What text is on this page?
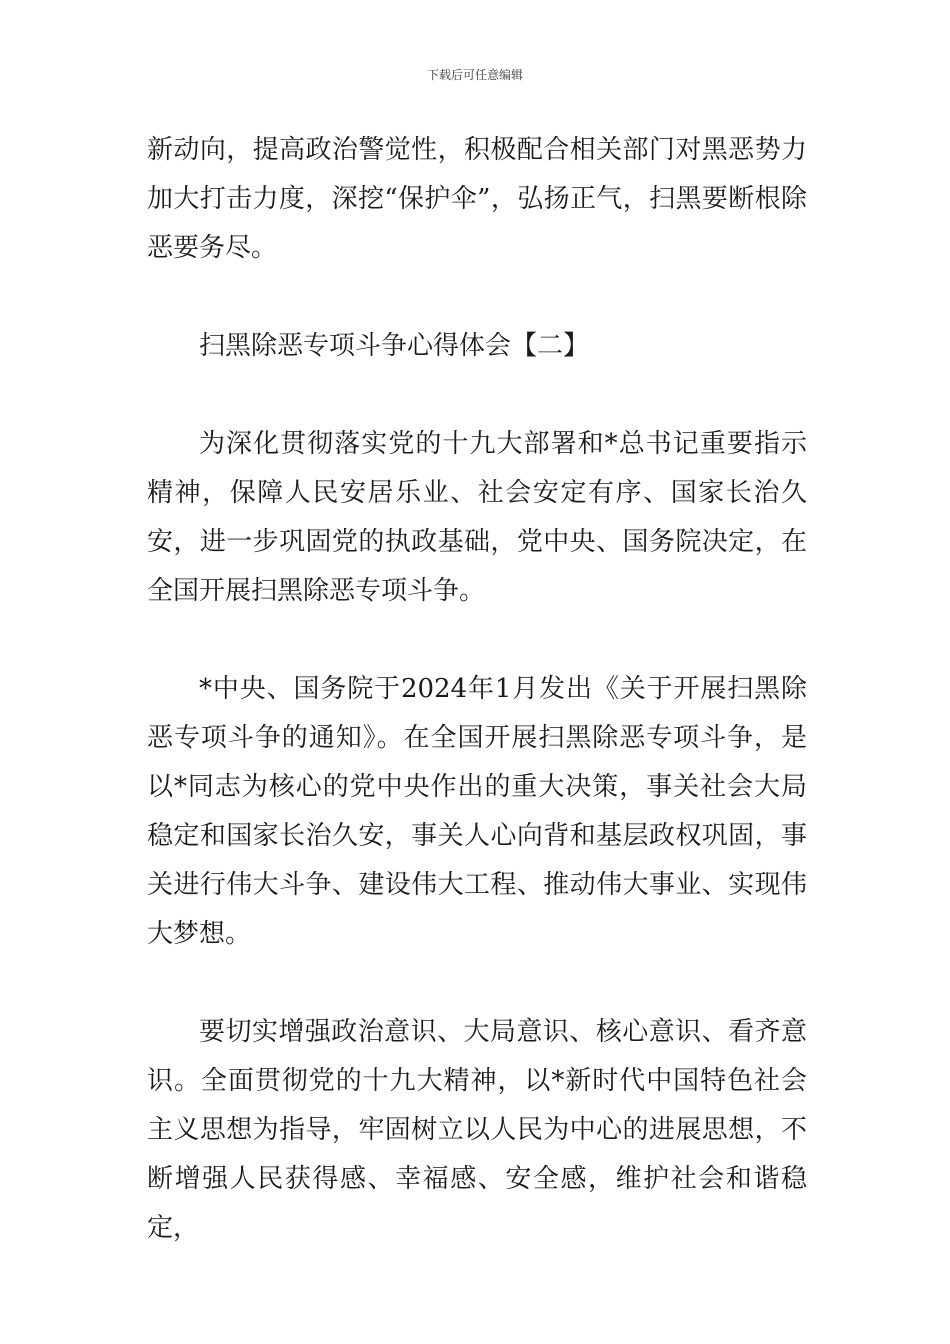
下载后可任意编辑

新动向，提高政治警觉性，积极配合相关部门对黑恶势力加大打击力度，深挖“保护伞”，弘扬正气，扫黑要断根除恶要务尽。

扫黑除恶专项斗争心得体会【二】

为深化贯彻落实党的十九大部署和*总书记重要指示精神，保障人民安居乐业、社会安定有序、国家长治久安，进一步巩固党的执政基础，党中央、国务院决定，在全国开展扫黑除恶专项斗争。

*中央、国务院于2024年1月发出《关于开展扫黑除恶专项斗争的通知》。在全国开展扫黑除恶专项斗争，是以*同志为核心的党中央作出的重大决策，事关社会大局稳定和国家长治久安，事关人心向背和基层政权巩固，事关进行伟大斗争、建设伟大工程、推动伟大事业、实现伟大梦想。

要切实增强政治意识、大局意识、核心意识、看齐意识。全面贯彻党的十九大精神，以*新时代中国特色社会主义思想为指导，牢固树立以人民为中心的进展思想，不断增强人民获得感、幸福感、安全感，维护社会和谐稳定，
